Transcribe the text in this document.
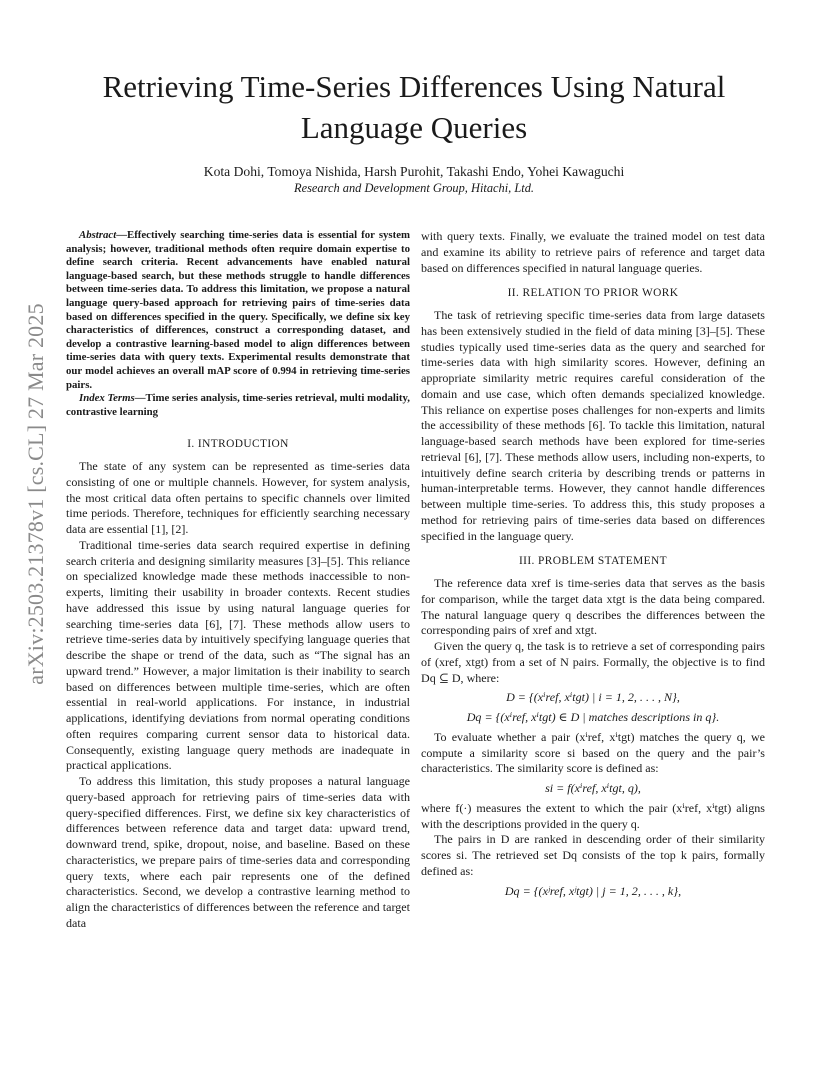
Retrieving Time-Series Differences Using Natural Language Queries
Kota Dohi, Tomoya Nishida, Harsh Purohit, Takashi Endo, Yohei Kawaguchi
Research and Development Group, Hitachi, Ltd.
arXiv:2503.21378v1 [cs.CL] 27 Mar 2025

Abstract—Effectively searching time-series data is essential for system analysis; however, traditional methods often require domain expertise to define search criteria. Recent advancements have enabled natural language-based search, but these methods struggle to handle differences between time-series data. To address this limitation, we propose a natural language query-based approach for retrieving pairs of time-series data based on differences specified in the query. Specifically, we define six key characteristics of differences, construct a corresponding dataset, and develop a contrastive learning-based model to align differences between time-series data with query texts. Experimental results demonstrate that our model achieves an overall mAP score of 0.994 in retrieving time-series pairs.

Index Terms—Time series analysis, time-series retrieval, multi modality, contrastive learning

I. INTRODUCTION

The state of any system can be represented as time-series data consisting of one or multiple channels. However, for system analysis, the most critical data often pertains to specific channels over limited time periods. Therefore, techniques for efficiently searching necessary data are essential [1], [2].

Traditional time-series data search required expertise in defining search criteria and designing similarity measures [3]–[5]. This reliance on specialized knowledge made these methods inaccessible to non-experts, limiting their usability in broader contexts. Recent studies have addressed this issue by using natural language queries for searching time-series data [6], [7]. These methods allow users to retrieve time-series data by intuitively specifying language queries that describe the shape or trend of the data, such as “The signal has an upward trend.” However, a major limitation is their inability to search based on differences between multiple time-series, which are often essential in real-world applications. For instance, in industrial applications, identifying deviations from normal operating conditions often requires comparing current sensor data to historical data. Consequently, existing language query methods are inadequate in practical applications.

To address this limitation, this study proposes a natural language query-based approach for retrieving pairs of time-series data with query-specified differences. First, we define six key characteristics of differences between reference data and target data: upward trend, downward trend, spike, dropout, noise, and baseline. Based on these characteristics, we prepare pairs of time-series data and corresponding query texts, where each pair represents one of the defined characteristics. Second, we develop a contrastive learning method to align the characteristics of differences between the reference and target data

with query texts. Finally, we evaluate the trained model on test data and examine its ability to retrieve pairs of reference and target data based on differences specified in natural language queries.

II. RELATION TO PRIOR WORK

The task of retrieving specific time-series data from large datasets has been extensively studied in the field of data mining [3]–[5]. These studies typically used time-series data as the query and searched for time-series data with high similarity scores. However, defining an appropriate similarity metric requires careful consideration of the domain and use case, which often demands specialized knowledge. This reliance on expertise poses challenges for non-experts and limits the accessibility of these methods [6]. To tackle this limitation, natural language-based search methods have been explored for time-series retrieval [6], [7]. These methods allow users, including non-experts, to intuitively define search criteria by describing trends or patterns in human-interpretable terms. However, they cannot handle differences between multiple time-series. To address this, this study proposes a method for retrieving pairs of time-series data based on differences specified in the language query.

III. PROBLEM STATEMENT

The reference data xref is time-series data that serves as the basis for comparison, while the target data xtgt is the data being compared. The natural language query q describes the differences between the corresponding pairs of xref and xtgt.

Given the query q, the task is to retrieve a set of corresponding pairs of (xref, xtgt) from a set of N pairs. Formally, the objective is to find Dq ⊆ D, where:

D = {(xⁱref, xⁱtgt) | i = 1, 2, . . . , N},

Dq = {(xⁱref, xⁱtgt) ∈ D | matches descriptions in q}.

To evaluate whether a pair (xⁱref, xⁱtgt) matches the query q, we compute a similarity score si based on the query and the pair’s characteristics. The similarity score is defined as:

si = f(xⁱref, xⁱtgt, q),

where f(·) measures the extent to which the pair (xⁱref, xⁱtgt) aligns with the descriptions provided in the query q.

The pairs in D are ranked in descending order of their similarity scores si. The retrieved set Dq consists of the top k pairs, formally defined as:

Dq = {(xʲref, xʲtgt) | j = 1, 2, . . . , k},
